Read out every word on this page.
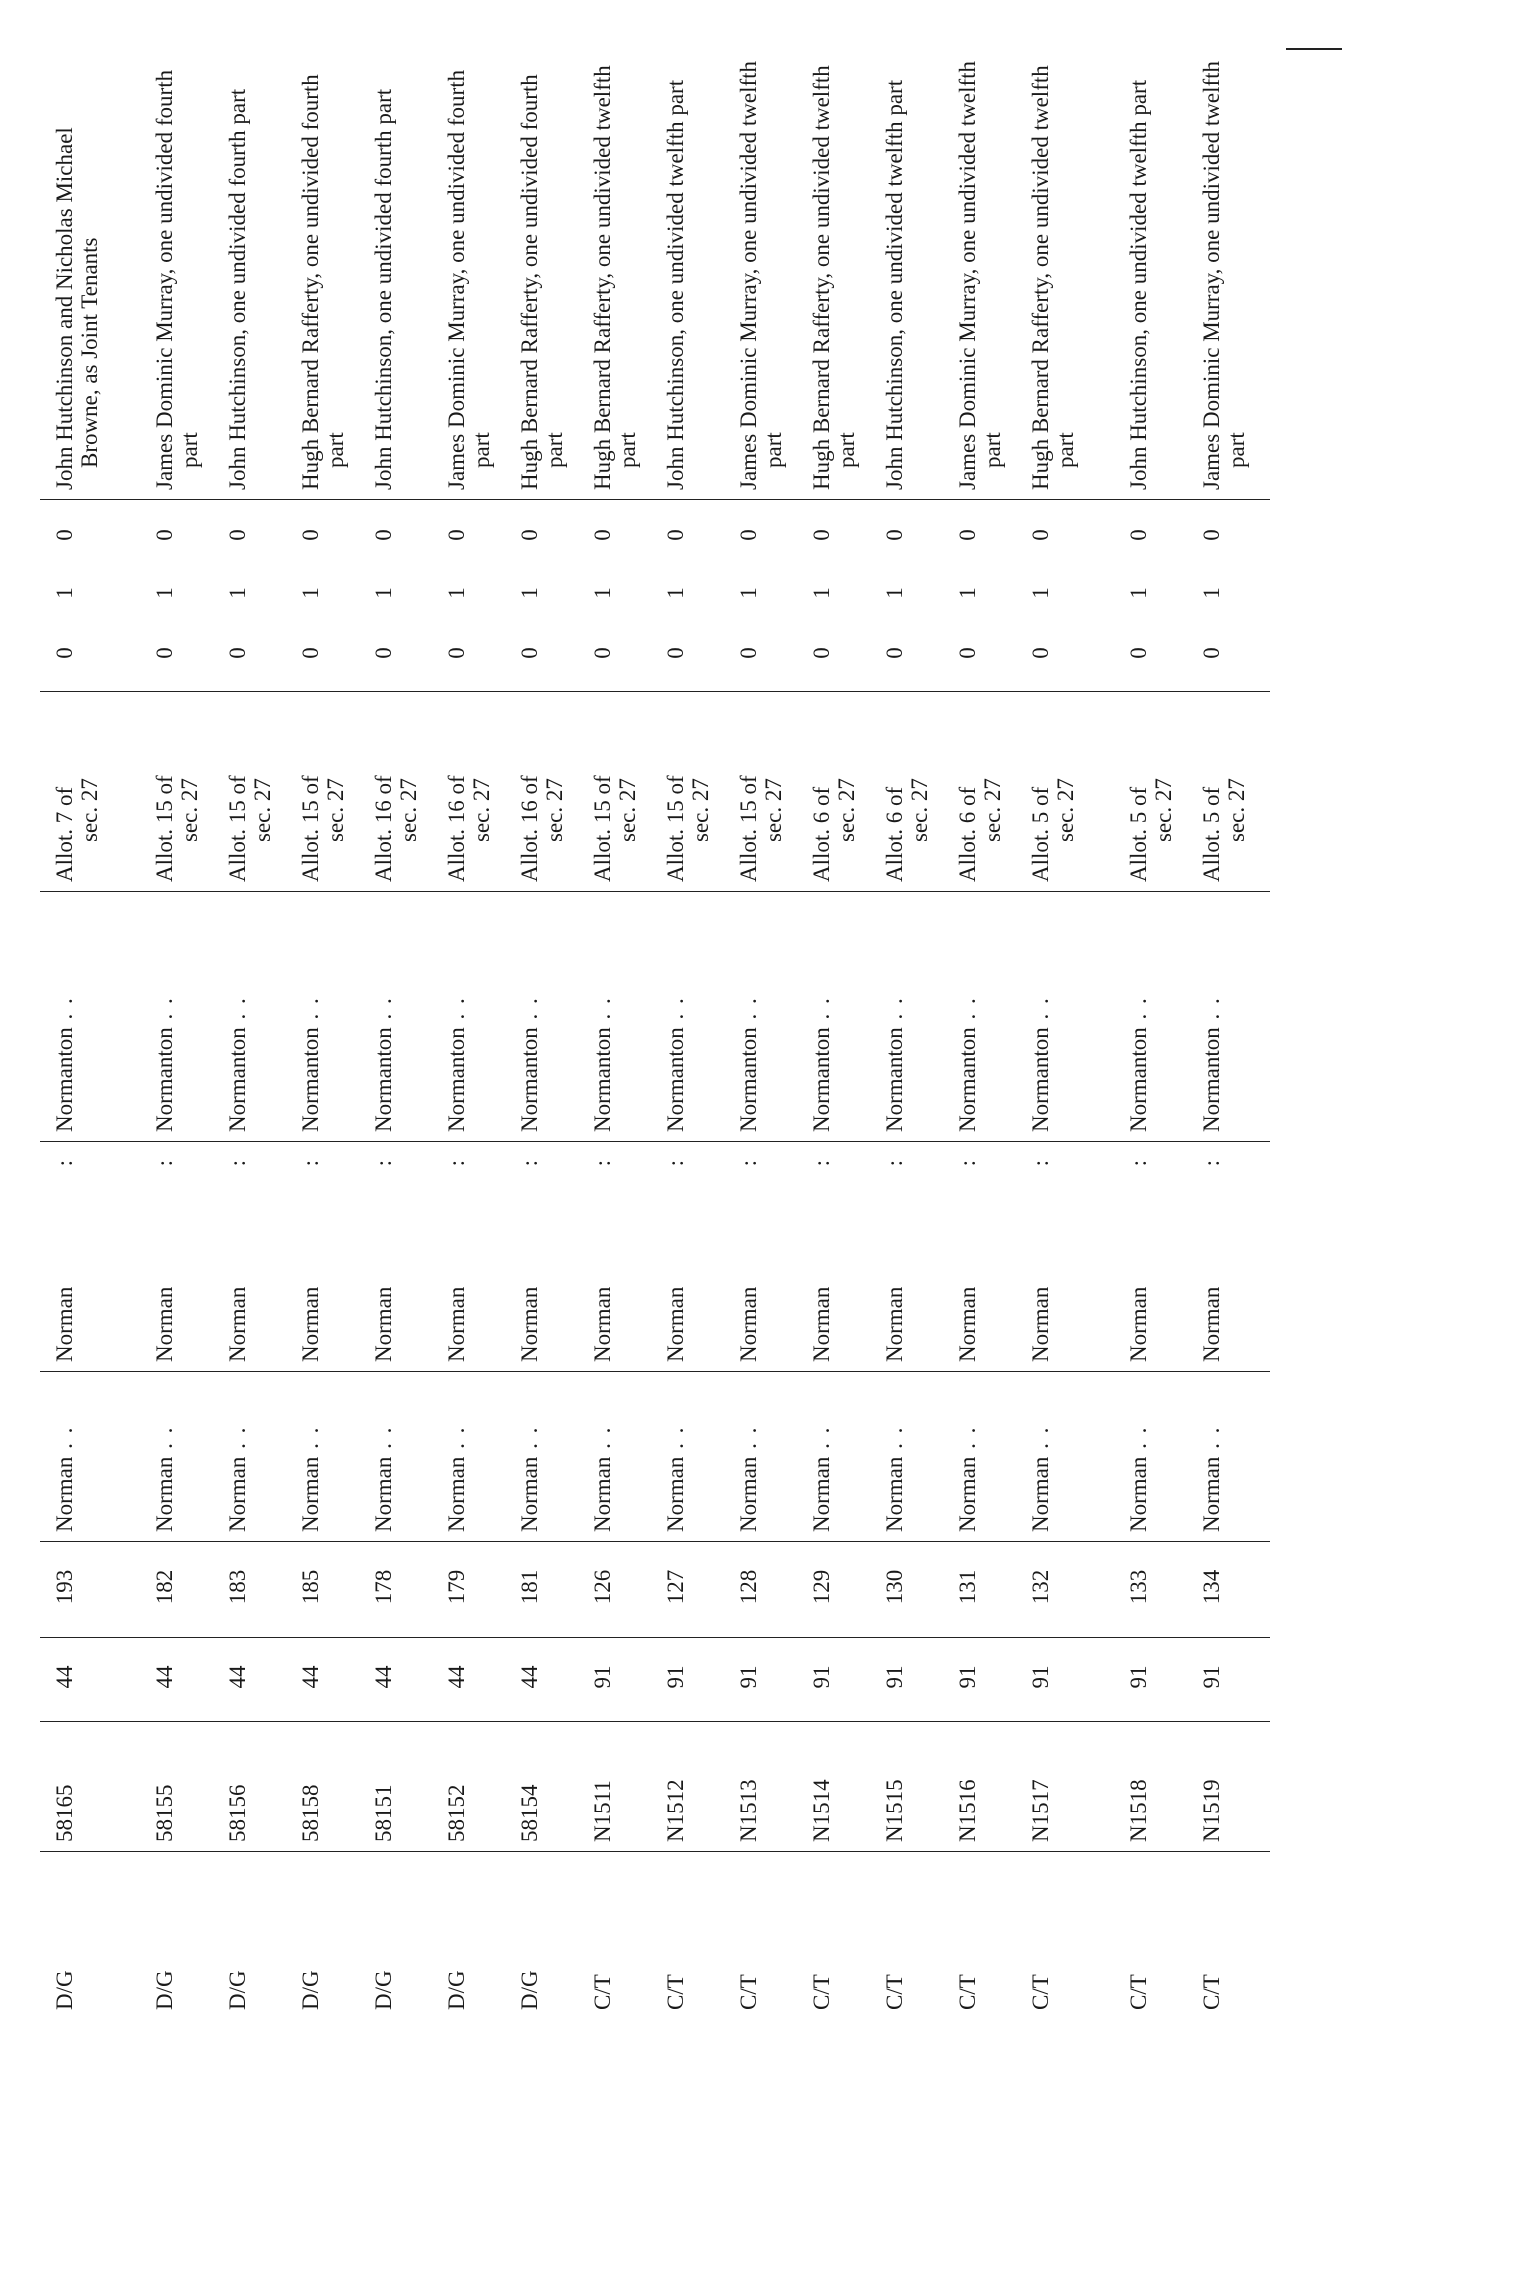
D/G
58165
44
193
Norman . .
Norman
:
Normanton . .
Allot. 7 of sec. 27
0
1
0
John Hutchinson and Nicholas Michael Browne, as Joint Tenants
D/G
58155
44
182
Norman . .
Norman
:
Normanton . .
Allot. 15 of sec. 27
0
1
0
James Dominic Murray, one undivided fourth part
D/G
58156
44
183
Norman . .
Norman
:
Normanton . .
Allot. 15 of sec. 27
0
1
0
John Hutchinson, one undivided fourth part
D/G
58158
44
185
Norman . .
Norman
:
Normanton . .
Allot. 15 of sec. 27
0
1
0
Hugh Bernard Rafferty, one undivided fourth part
D/G
58151
44
178
Norman . .
Norman
:
Normanton . .
Allot. 16 of sec. 27
0
1
0
John Hutchinson, one undivided fourth part
D/G
58152
44
179
Norman . .
Norman
:
Normanton . .
Allot. 16 of sec. 27
0
1
0
James Dominic Murray, one undivided fourth part
D/G
58154
44
181
Norman . .
Norman
:
Normanton . .
Allot. 16 of sec. 27
0
1
0
Hugh Bernard Rafferty, one undivided fourth part
C/T
N1511
91
126
Norman . .
Norman
:
Normanton . .
Allot. 15 of sec. 27
0
1
0
Hugh Bernard Rafferty, one undivided twelfth part
C/T
N1512
91
127
Norman . .
Norman
:
Normanton . .
Allot. 15 of sec. 27
0
1
0
John Hutchinson, one undivided twelfth part
C/T
N1513
91
128
Norman . .
Norman
:
Normanton . .
Allot. 15 of sec. 27
0
1
0
James Dominic Murray, one undivided twelfth part
C/T
N1514
91
129
Norman . .
Norman
:
Normanton . .
Allot. 6 of sec. 27
0
1
0
Hugh Bernard Rafferty, one undivided twelfth part
C/T
N1515
91
130
Norman . .
Norman
:
Normanton . .
Allot. 6 of sec. 27
0
1
0
John Hutchinson, one undivided twelfth part
C/T
N1516
91
131
Norman . .
Norman
:
Normanton . .
Allot. 6 of sec. 27
0
1
0
James Dominic Murray, one undivided twelfth part
C/T
N1517
91
132
Norman . .
Norman
:
Normanton . .
Allot. 5 of sec. 27
0
1
0
Hugh Bernard Rafferty, one undivided twelfth part
C/T
N1518
91
133
Norman . .
Norman
:
Normanton . .
Allot. 5 of sec. 27
0
1
0
John Hutchinson, one undivided twelfth part
C/T
N1519
91
134
Norman . .
Norman
:
Normanton . .
Allot. 5 of sec. 27
0
1
0
James Dominic Murray, one undivided twelfth part
